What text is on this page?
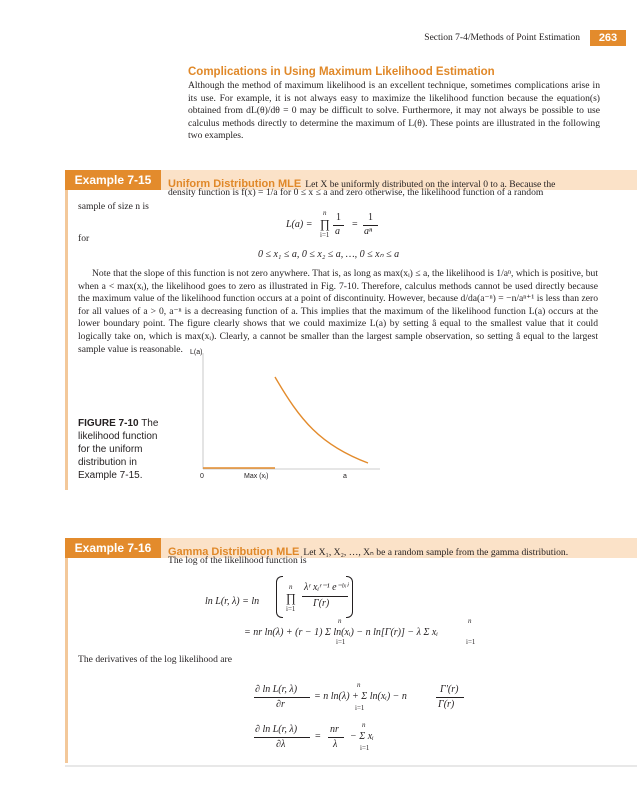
Section 7-4/Methods of Point Estimation	263
Complications in Using Maximum Likelihood Estimation
Although the method of maximum likelihood is an excellent technique, sometimes complications arise in its use. For example, it is not always easy to maximize the likelihood function because the equation(s) obtained from dL(θ)/dθ = 0 may be difficult to solve. Furthermore, it may not always be possible to use calculus methods directly to determine the maximum of L(θ). These points are illustrated in the following two examples.
Example 7-15	Uniform Distribution MLE Let X be uniformly distributed on the interval 0 to a. Because the
density function is f(x) = 1/a for 0 ≤ x ≤ a and zero otherwise, the likelihood function of a random
sample of size n is
L(a) =
n
∏
i=1
1
a
=
1
aⁿ
for
0 ≤ x₁ ≤ a, 0 ≤ x₂ ≤ a, …, 0 ≤ xₙ ≤ a
Note that the slope of this function is not zero anywhere. That is, as long as max(xᵢ) ≤ a, the likelihood is 1/aⁿ, which is positive, but when a < max(xᵢ), the likelihood goes to zero as illustrated in Fig. 7-10. Therefore, calculus methods cannot be used directly because the maximum value of the likelihood function occurs at a point of discontinuity. However, because d/da(a⁻ⁿ) = −n/aⁿ⁺¹ is less than zero for all values of a > 0, a⁻ⁿ is a decreasing function of a. This implies that the maximum of the likelihood function L(a) occurs at the lower boundary point. The figure clearly shows that we could maximize L(a) by setting â equal to the smallest value that it could logically take on, which is max(xᵢ). Clearly, a cannot be smaller than the largest sample observation, so setting â equal to the largest sample value is reasonable.
FIGURE 7-10 The
likelihood function
for the uniform
distribution in
Example 7-15.
L(a)
0	Max (xᵢ)	a
Example 7-16	Gamma Distribution MLE Let X₁, X₂, …, Xₙ be a random sample from the gamma distribution.
The log of the likelihood function is
ln L(r, λ) = ln
n
∏
i=1
λʳ xᵢʳ⁻¹ e⁻ˡˣⁱ
Γ(r)
n
i=1
n
i=1
= nr ln(λ) + (r − 1) Σ ln(xᵢ) − n ln[Γ(r)] − λ Σ xᵢ
The derivatives of the log likelihood are
∂ ln L(r, λ)
∂r
n
i=1
= n ln(λ) + Σ ln(xᵢ) − n
Γ′(r)
Γ(r)
∂ ln L(r, λ)
∂λ
=
nr
λ
n
i=1
− Σ xᵢ
